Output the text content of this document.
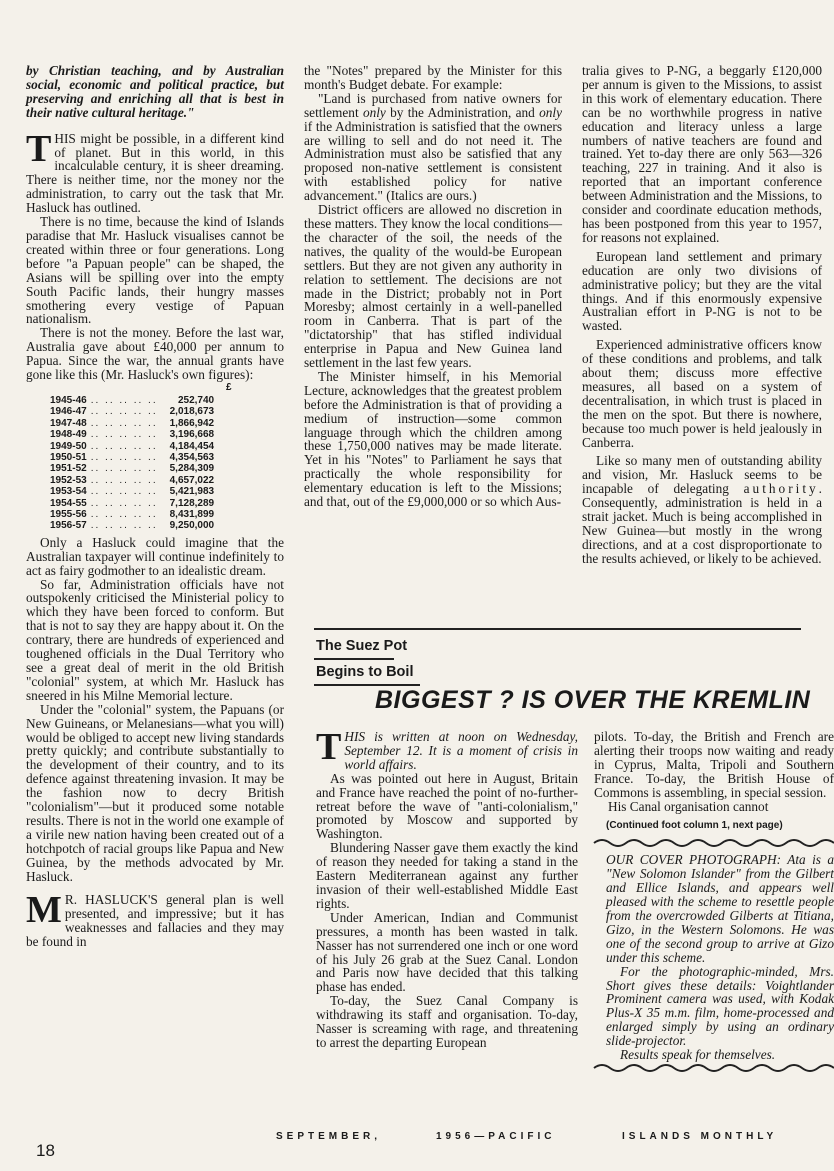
by Christian teaching, and by Australian social, economic and political practice, but preserving and enriching all that is best in their native cultural heritage."

THIS might be possible, in a different kind of planet. But in this world, in this incalculable century, it is sheer dreaming. There is neither time, nor the money nor the administration, to carry out the task that Mr. Hasluck has outlined.

There is no time, because the kind of Islands paradise that Mr. Hasluck visualises cannot be created within three or four generations. Long before "a Papuan people" can be shaped, the Asians will be spilling over into the empty South Pacific lands, their hungry masses smothering every vestige of Papuan nationalism.

There is not the money. Before the last war, Australia gave about £40,000 per annum to Papua. Since the war, the annual grants have gone like this (Mr. Hasluck's own figures):

£
1945-46	.. .. .. .. ..	252,740
1946-47	.. .. .. .. ..	2,018,673
1947-48	.. .. .. .. ..	1,866,942
1948-49	.. .. .. .. ..	3,196,668
1949-50	.. .. .. .. ..	4,184,454
1950-51	.. .. .. .. ..	4,354,563
1951-52	.. .. .. .. ..	5,284,309
1952-53	.. .. .. .. ..	4,657,022
1953-54	.. .. .. .. ..	5,421,983
1954-55	.. .. .. .. ..	7,128,289
1955-56	.. .. .. .. ..	8,431,899
1956-57	.. .. .. .. ..	9,250,000

Only a Hasluck could imagine that the Australian taxpayer will continue indefinitely to act as fairy godmother to an idealistic dream.

So far, Administration officials have not outspokenly criticised the Ministerial policy to which they have been forced to conform. But that is not to say they are happy about it. On the contrary, there are hundreds of experienced and toughened officials in the Dual Territory who see a great deal of merit in the old British "colonial" system, at which Mr. Hasluck has sneered in his Milne Memorial lecture.

Under the "colonial" system, the Papuans (or New Guineans, or Melanesians—what you will) would be obliged to accept new living standards pretty quickly; and contribute substantially to the development of their country, and to its defence against threatening invasion. It may be the fashion now to decry British "colonialism"—but it produced some notable results. There is not in the world one example of a virile new nation having been created out of a hotchpotch of racial groups like Papua and New Guinea, by the methods advocated by Mr. Hasluck.

M R. HASLUCK'S general plan is well presented, and impressive; but it has weaknesses and fallacies and they may be found in

the "Notes" prepared by the Minister for this month's Budget debate. For example:

"Land is purchased from native owners for settlement only by the Administration, and only if the Administration is satisfied that the owners are willing to sell and do not need it. The Administration must also be satisfied that any proposed non-native settlement is consistent with established policy for native advancement." (Italics are ours.)

District officers are allowed no discretion in these matters. They know the local conditions—the character of the soil, the needs of the natives, the quality of the would-be European settlers. But they are not given any authority in relation to settlement. The decisions are not made in the District; probably not in Port Moresby; almost certainly in a well-panelled room in Canberra. That is part of the "dictatorship" that has stifled individual enterprise in Papua and New Guinea land settlement in the last few years.

The Minister himself, in his Memorial Lecture, acknowledges that the greatest problem before the Administration is that of providing a medium of instruction—some common language through which the children among these 1,750,000 natives may be made literate. Yet in his "Notes" to Parliament he says that practically the whole responsibility for elementary education is left to the Missions; and that, out of the £9,000,000 or so which Aus-

tralia gives to P-NG, a beggarly £120,000 per annum is given to the Missions, to assist in this work of elementary education. There can be no worthwhile progress in native education and literacy unless a large numbers of native teachers are found and trained. Yet to-day there are only 563—326 teaching, 227 in training. And it also is reported that an important conference between Administration and the Missions, to consider and coordinate education methods, has been postponed from this year to 1957, for reasons not explained.

European land settlement and primary education are only two divisions of administrative policy; but they are the vital things. And if this enormously expensive Australian effort in P-NG is not to be wasted.

Experienced administrative officers know of these conditions and problems, and talk about them; discuss more effective measures, all based on a system of decentralisation, in which trust is placed in the men on the spot. But there is nowhere, because too much power is held jealously in Canberra.

Like so many men of outstanding ability and vision, Mr. Hasluck seems to be incapable of delegating authority. Consequently, administration is held in a strait jacket. Much is being accomplished in New Guinea—but mostly in the wrong directions, and at a cost disproportionate to the results achieved, or likely to be achieved.

The Suez Pot
Begins to Boil
BIGGEST ? IS OVER THE KREMLIN

THIS is written at noon on Wednesday, September 12. It is a moment of crisis in world affairs.

As was pointed out here in August, Britain and France have reached the point of no-further-retreat before the wave of "anti-colonialism," promoted by Moscow and supported by Washington.

Blundering Nasser gave them exactly the kind of reason they needed for taking a stand in the Eastern Mediterranean against any further invasion of their well-established Middle East rights.

Under American, Indian and Communist pressures, a month has been wasted in talk. Nasser has not surrendered one inch or one word of his July 26 grab at the Suez Canal. London and Paris now have decided that this talking phase has ended.

To-day, the Suez Canal Company is withdrawing its staff and organisation. To-day, Nasser is screaming with rage, and threatening to arrest the departing European

pilots. To-day, the British and French are alerting their troops now waiting and ready in Cyprus, Malta, Tripoli and Southern France. To-day, the British House of Commons is assembling, in special session.

His Canal organisation cannot

(Continued foot column 1, next page)

OUR COVER PHOTOGRAPH: Ata is a "New Solomon Islander" from the Gilbert and Ellice Islands, and appears well pleased with the scheme to resettle people from the overcrowded Gilberts at Titiana, Gizo, in the Western Solomons. He was one of the second group to arrive at Gizo under this scheme.

For the photographic-minded, Mrs. Short gives these details: Voightlander Prominent camera was used, with Kodak Plus-X 35 m.m. film, home-processed and enlarged simply by using an ordinary slide-projector.

Results speak for themselves.

SEPTEMBER,	1956—PACIFIC	ISLANDS MONTHLY
18
